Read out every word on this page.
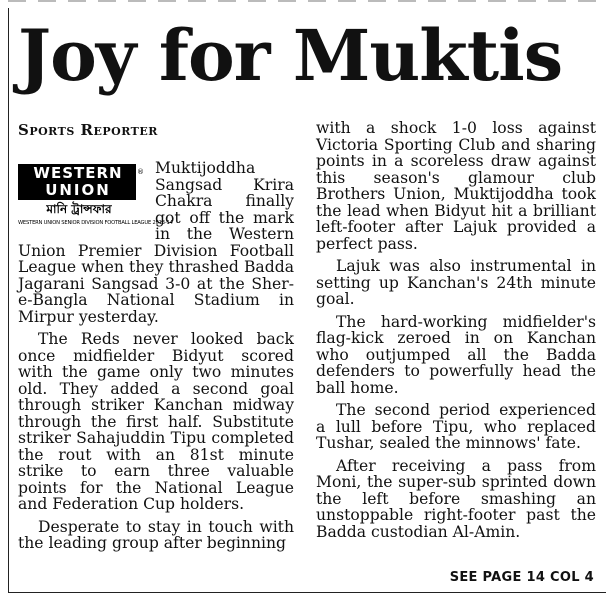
Joy for Muktis
Sports Reporter
WESTERN
UNION
®
মানি ট্রান্সফার
WESTERN UNION SENIOR DIVISION FOOTBALL LEAGUE 2013-14

Muktijoddha Sangsad Krira Chakra finally got off the mark in the Western Union Premier Division Football League when they thrashed Badda Jagarani Sangsad 3-0 at the Sher-e-Bangla National Stadium in Mirpur yesterday.

The Reds never looked back once midfielder Bidyut scored with the game only two minutes old. They added a second goal through striker Kanchan midway through the first half. Substitute striker Sahajuddin Tipu completed the rout with an 81st minute strike to earn three valuable points for the National League and Federation Cup holders.

Desperate to stay in touch with the leading group after beginning

with a shock 1-0 loss against Victoria Sporting Club and sharing points in a scoreless draw against this season's glamour club Brothers Union, Muktijoddha took the lead when Bidyut hit a brilliant left-footer after Lajuk provided a perfect pass.

Lajuk was also instrumental in setting up Kanchan's 24th minute goal.

The hard-working midfielder's flag-kick zeroed in on Kanchan who outjumped all the Badda defenders to powerfully head the ball home.

The second period experienced a lull before Tipu, who replaced Tushar, sealed the minnows' fate.

After receiving a pass from Moni, the super-sub sprinted down the left before smashing an unstoppable right-footer past the Badda custodian Al-Amin.

SEE PAGE 14 COL 4
